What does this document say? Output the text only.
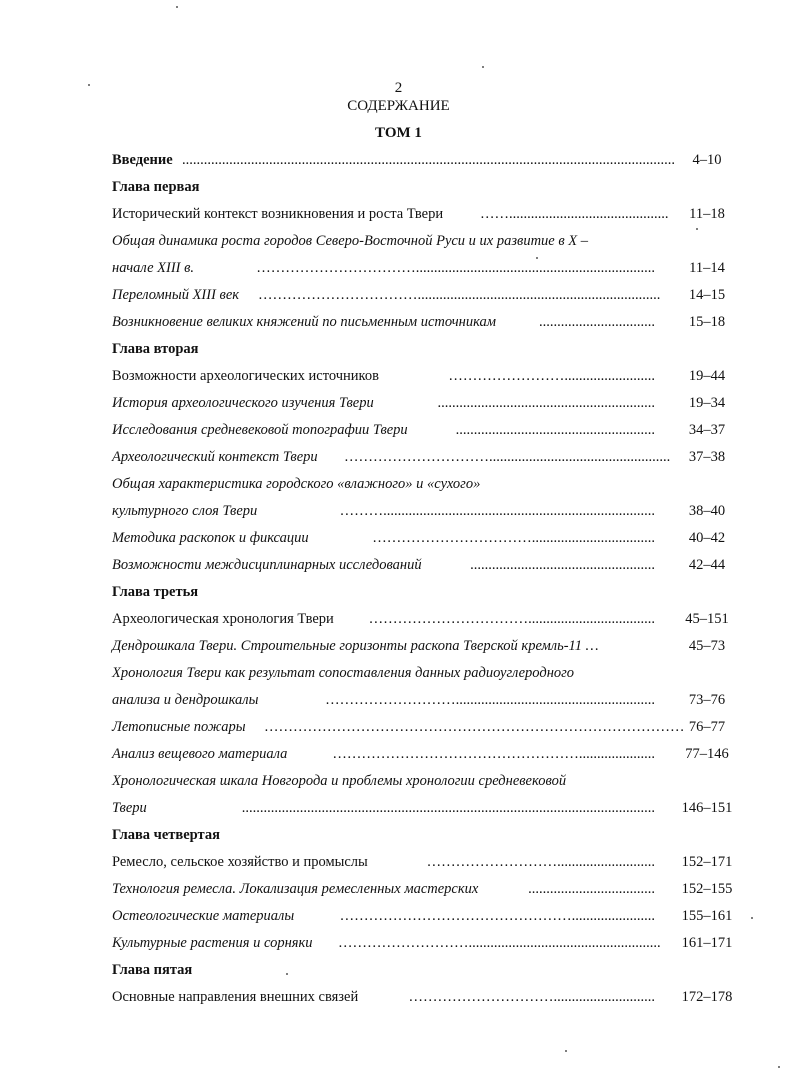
2
СОДЕРЖАНИЕ
ТОМ 1
Введение ........................................................................................................................................	4–10
Глава первая
Исторический контекст возникновения и роста Твери	……............................................	11–18
Общая динамика роста городов Северо-Восточной Руси и их развитие в X –
начале XIII в.	……………………………..................................................................	11–14
Переломный XIII век ……………………………...................................................................	14–15
Возникновение великих княжений по письменным источникам	................................	15–18
Глава вторая
Возможности археологических источников	…………………….........................	19–44
История археологического изучения Твери	............................................................	19–34
Исследования средневековой топографии Твери	.......................................................	34–37
Археологический контекст Твери …………………………..................................................	37–38
Общая характеристика городского «влажного» и «сухого»
культурного слоя Твери	………...........................................................................	38–40
Методика раскопок и фиксации	……………………………..................................	40–42
Возможности междисциплинарных исследований	...................................................	42–44
Глава третья
Археологическая хронология Твери	……………………………...................................	45–151
Дендрошкала Твери. Строительные горизонты раскопа Тверской кремль-11 …	45–73
Хронология Твери как результат сопоставления данных радиоуглеродного
анализа и дендрошкалы	……………………….......................................................	73–76
Летописные пожары …………………………………………………………………………… 76–77
Анализ вещевого материала	…………………………………………….....................	77–146
Хронологическая шкала Новгорода и проблемы хронологии средневековой
Твери	..................................................................................................................	146–151
Глава четвертая
Ремесло, сельское хозяйство и промыслы	………………………...........................	152–171
Технология ремесла. Локализация ремесленных мастерских	...................................	152–155
Остеологические материалы	………………………………………….......................	155–161
Культурные растения и сорняки ……………………….....................................................	161–171
Глава пятая
Основные направления внешних связей	…………………………............................	172–178
